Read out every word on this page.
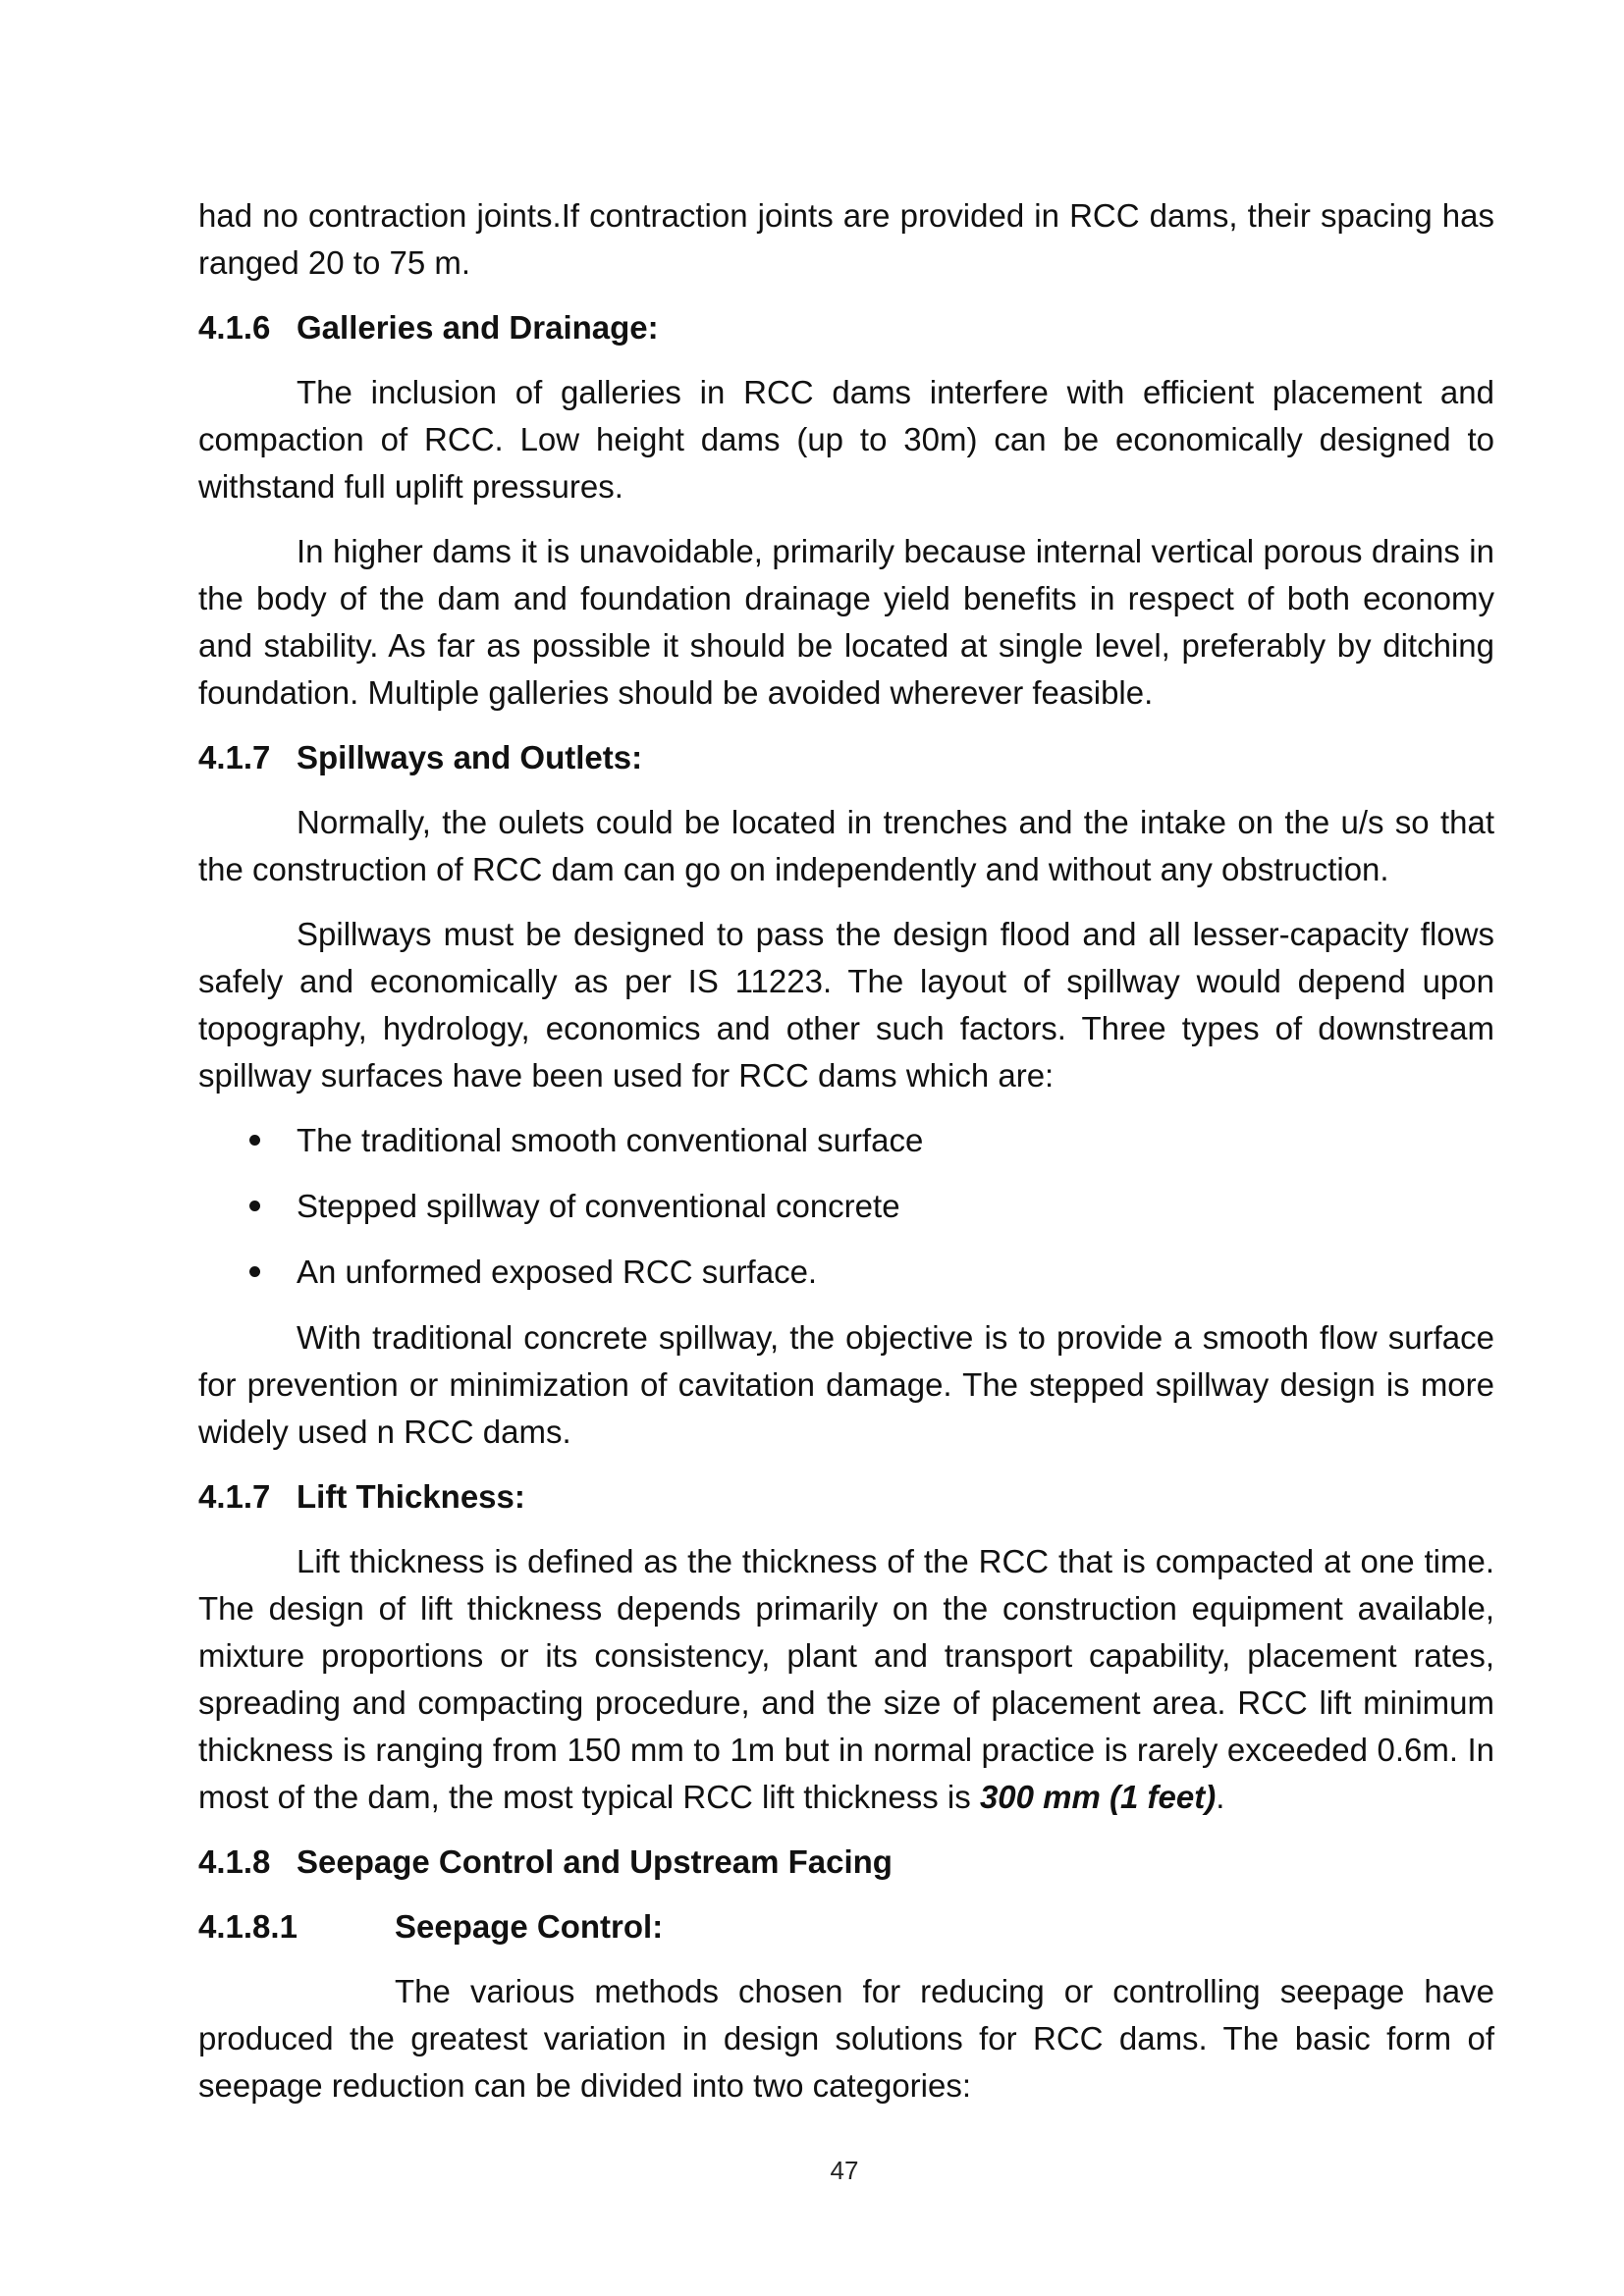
had no contraction joints.If contraction joints are provided in RCC dams, their spacing has ranged 20 to 75 m.

4.1.6 Galleries and Drainage:

The inclusion of galleries in RCC dams interfere with efficient placement and compaction of RCC. Low height dams (up to 30m) can be economically designed to withstand full uplift pressures.

In higher dams it is unavoidable, primarily because internal vertical porous drains in the body of the dam and foundation drainage yield benefits in respect of both economy and stability. As far as possible it should be located at single level, preferably by ditching foundation. Multiple galleries should be avoided wherever feasible.

4.1.7 Spillways and Outlets:

Normally, the oulets could be located in trenches and the intake on the u/s so that the construction of RCC dam can go on independently and without any obstruction.

Spillways must be designed to pass the design flood and all lesser-capacity flows safely and economically as per IS 11223. The layout of spillway would depend upon topography, hydrology, economics and other such factors. Three types of downstream spillway surfaces have been used for RCC dams which are:

The traditional smooth conventional surface
Stepped spillway of conventional concrete
An unformed exposed RCC surface.

With traditional concrete spillway, the objective is to provide a smooth flow surface for prevention or minimization of cavitation damage. The stepped spillway design is more widely used n RCC dams.

4.1.7 Lift Thickness:

Lift thickness is defined as the thickness of the RCC that is compacted at one time. The design of lift thickness depends primarily on the construction equipment available, mixture proportions or its consistency, plant and transport capability, placement rates, spreading and compacting procedure, and the size of placement area. RCC lift minimum thickness is ranging from 150 mm to 1m but in normal practice is rarely exceeded 0.6m. In most of the dam, the most typical RCC lift thickness is 300 mm (1 feet).

4.1.8 Seepage Control and Upstream Facing
4.1.8.1	Seepage Control:

The various methods chosen for reducing or controlling seepage have produced the greatest variation in design solutions for RCC dams. The basic form of seepage reduction can be divided into two categories:

47
